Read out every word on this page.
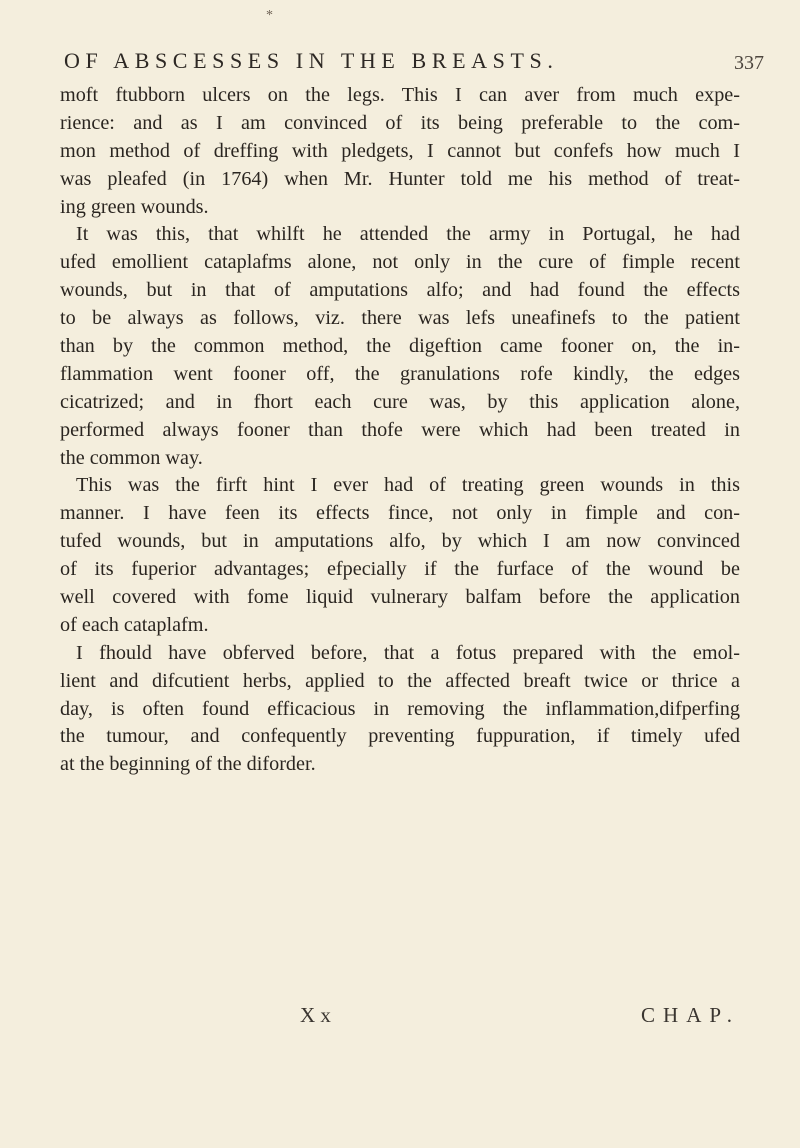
*
OF ABSCESSES IN THE BREASTS.	337
moft ftubborn ulcers on the legs. This I can aver from much expe-
rience: and as I am convinced of its being preferable to the com-
mon method of dreffing with pledgets, I cannot but confefs how much I
was pleafed (in 1764) when Mr. Hunter told me his method of treat-
ing green wounds.
It was this, that whilft he attended the army in Portugal, he had
ufed emollient cataplafms alone, not only in the cure of fimple recent
wounds, but in that of amputations alfo; and had found the effects
to be always as follows, viz. there was lefs uneafinefs to the patient
than by the common method, the digeftion came fooner on, the in-
flammation went fooner off, the granulations rofe kindly, the edges
cicatrized; and in fhort each cure was, by this application alone,
performed always fooner than thofe were which had been treated in
the common way.
This was the firft hint I ever had of treating green wounds in this
manner. I have feen its effects fince, not only in fimple and con-
tufed wounds, but in amputations alfo, by which I am now convinced
of its fuperior advantages; efpecially if the furface of the wound be
well covered with fome liquid vulnerary balfam before the application
of each cataplafm.
I fhould have obferved before, that a fotus prepared with the emol-
lient and difcutient herbs, applied to the affected breaft twice or thrice a
day, is often found efficacious in removing the inflammation,difperfing
the tumour, and confequently preventing fuppuration, if timely ufed
at the beginning of the diforder.
X x	CHAP.
